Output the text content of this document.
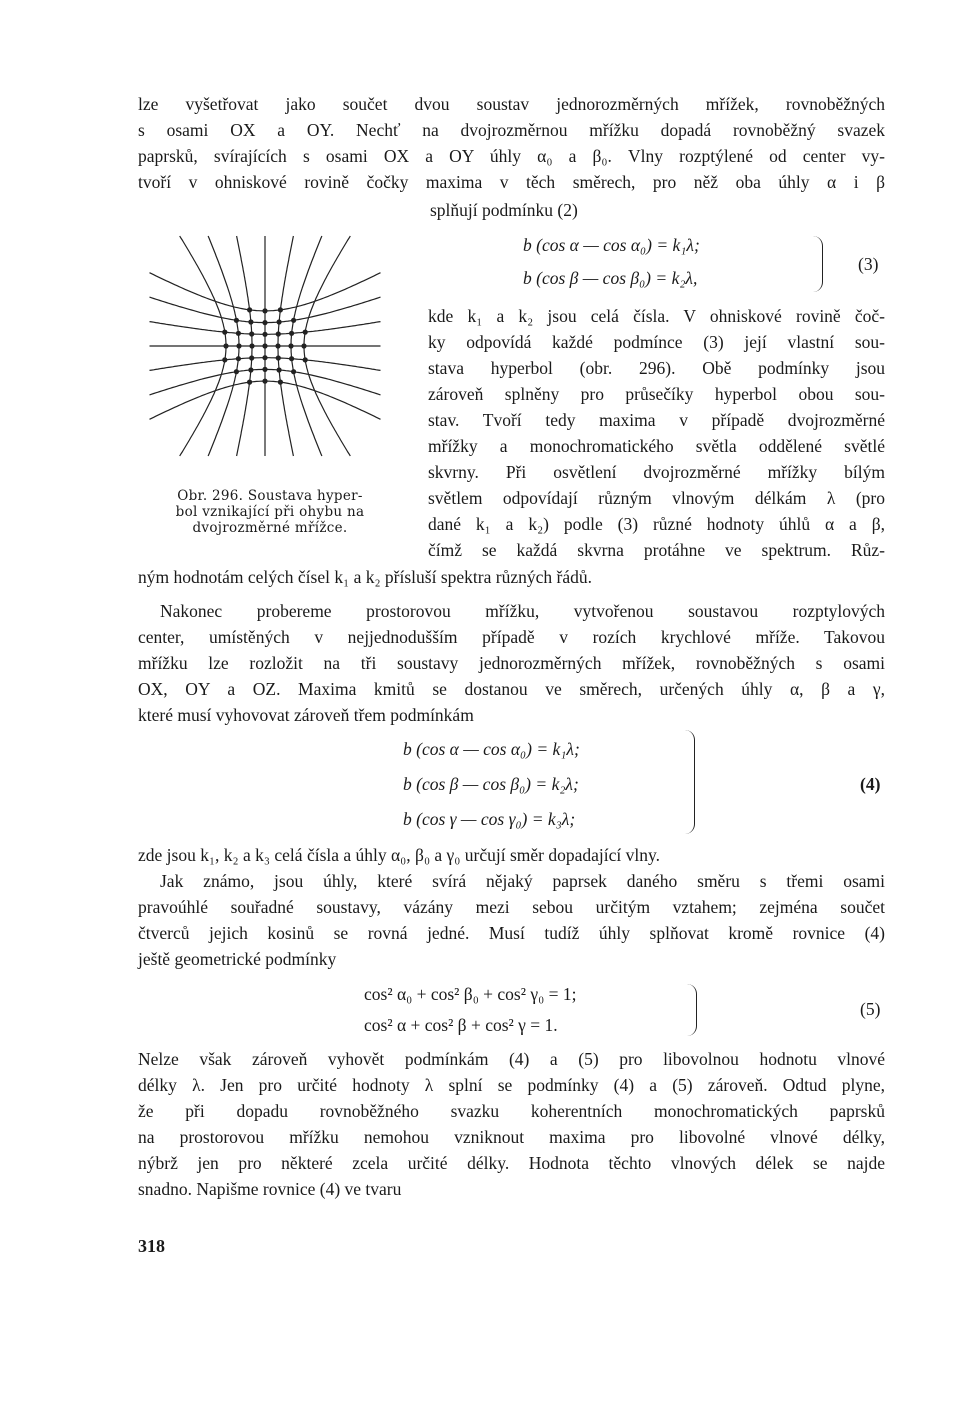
lze vyšetřovat jako součet dvou soustav jednorozměrných mřížek, rovnoběžných
s osami OX a OY. Nechť na dvojrozměrnou mřížku dopadá rovnoběžný svazek
paprsků, svírajících s osami OX a OY úhly α₀ a β₀. Vlny rozptýlené od center vy-
tvoří v ohniskové rovině čočky maxima v těch směrech, pro něž oba úhly α i β
splňují podmínku (2)
Obr. 296. Soustava hyper-
bol vznikající při ohybu na
dvojrozměrné mřížce.
b (cos α — cos α₀) = k₁λ;
b (cos β — cos β₀) = k₂λ,
(3)
kde k₁ a k₂ jsou celá čísla. V ohniskové rovině čoč-
ky odpovídá každé podmínce (3) její vlastní sou-
stava hyperbol (obr. 296). Obě podmínky jsou
zároveň splněny pro průsečíky hyperbol obou sou-
stav. Tvoří tedy maxima v případě dvojrozměrné
mřížky a monochromatického světla oddělené světlé
skvrny. Při osvětlení dvojrozměrné mřížky bílým
světlem odpovídají různým vlnovým délkám λ (pro
dané k₁ a k₂) podle (3) různé hodnoty úhlů α a β,
čímž se každá skvrna protáhne ve spektrum. Růz-
ným hodnotám celých čísel k₁ a k₂ přísluší spektra různých řádů.
Nakonec probereme prostorovou mřížku, vytvořenou soustavou rozptylových
center, umístěných v nejjednodušším případě v rozích krychlové mříže. Takovou
mřížku lze rozložit na tři soustavy jednorozměrných mřížek, rovnoběžných s osami
OX, OY a OZ. Maxima kmitů se dostanou ve směrech, určených úhly α, β a γ,
které musí vyhovovat zároveň třem podmínkám
b (cos α — cos α₀) = k₁λ;
b (cos β — cos β₀) = k₂λ;
b (cos γ — cos γ₀) = k₃λ;
(4)
zde jsou k₁, k₂ a k₃ celá čísla a úhly α₀, β₀ a γ₀ určují směr dopadající vlny.
Jak známo, jsou úhly, které svírá nějaký paprsek daného směru s třemi osami
pravoúhlé souřadné soustavy, vázány mezi sebou určitým vztahem; zejména součet
čtverců jejich kosinů se rovná jedné. Musí tudíž úhly splňovat kromě rovnice (4)
ještě geometrické podmínky
cos² α₀ + cos² β₀ + cos² γ₀ = 1;
cos² α + cos² β + cos² γ = 1.
(5)
Nelze však zároveň vyhovět podmínkám (4) a (5) pro libovolnou hodnotu vlnové
délky λ. Jen pro určité hodnoty λ splní se podmínky (4) a (5) zároveň. Odtud plyne,
že při dopadu rovnoběžného svazku koherentních monochromatických paprsků
na prostorovou mřížku nemohou vzniknout maxima pro libovolné vlnové délky,
nýbrž jen pro některé zcela určité délky. Hodnota těchto vlnových délek se najde
snadno. Napišme rovnice (4) ve tvaru
318
